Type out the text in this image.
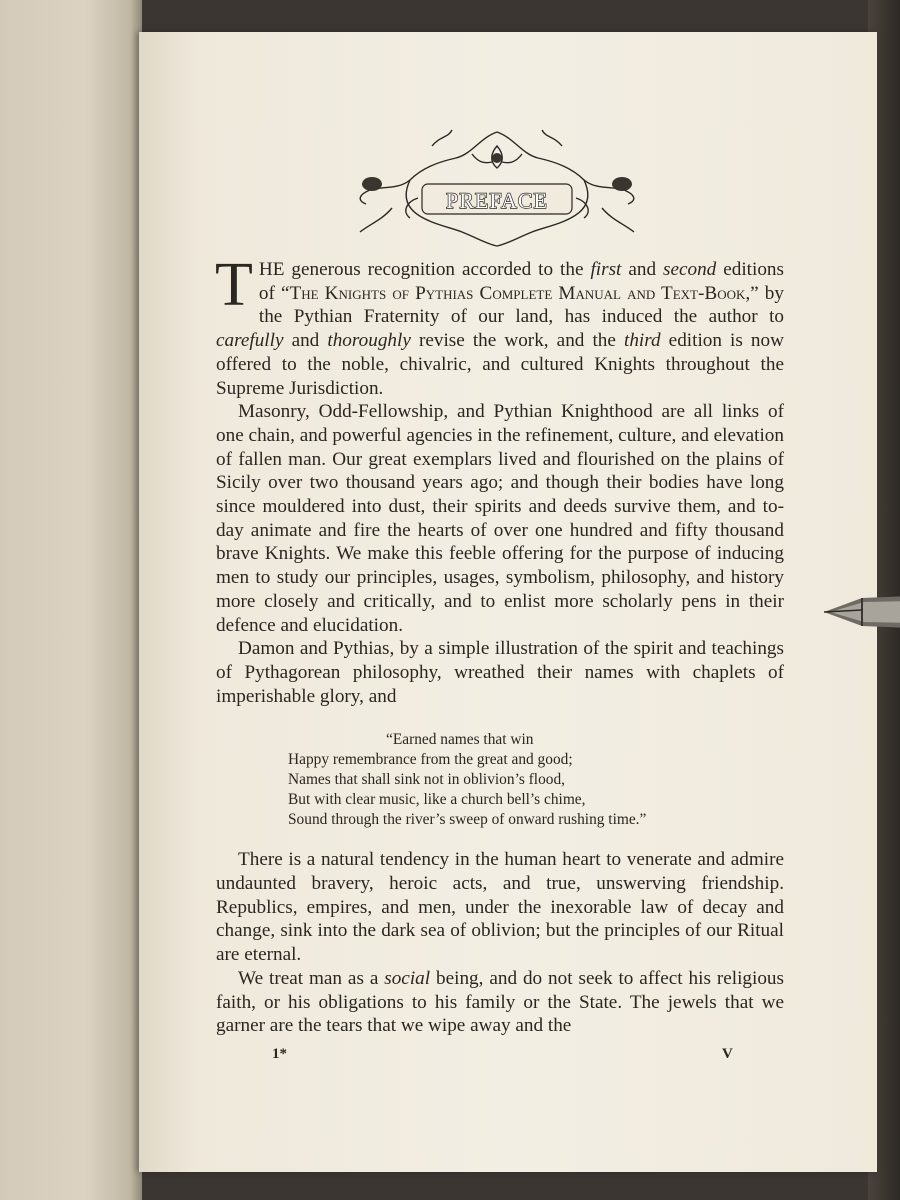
PREFACE

THE generous recognition accorded to the first and second editions of “The Knights of Pythias Complete Manual and Text-Book,” by the Pythian Fraternity of our land, has induced the author to carefully and thoroughly revise the work, and the third edition is now offered to the noble, chivalric, and cultured Knights throughout the Supreme Jurisdiction.

Masonry, Odd-Fellowship, and Pythian Knighthood are all links of one chain, and powerful agencies in the refinement, culture, and elevation of fallen man. Our great exemplars lived and flourished on the plains of Sicily over two thousand years ago; and though their bodies have long since mouldered into dust, their spirits and deeds survive them, and to-day animate and fire the hearts of over one hundred and fifty thousand brave Knights. We make this feeble offering for the purpose of inducing men to study our principles, usages, symbolism, philosophy, and history more closely and critically, and to enlist more scholarly pens in their defence and elucidation.

Damon and Pythias, by a simple illustration of the spirit and teachings of Pythagorean philosophy, wreathed their names with chaplets of imperishable glory, and

“Earned names that win
Happy remembrance from the great and good;
Names that shall sink not in oblivion’s flood,
But with clear music, like a church bell’s chime,
Sound through the river’s sweep of onward rushing time.”

There is a natural tendency in the human heart to venerate and admire undaunted bravery, heroic acts, and true, unswerving friendship. Republics, empires, and men, under the inexorable law of decay and change, sink into the dark sea of oblivion; but the principles of our Ritual are eternal.

We treat man as a social being, and do not seek to affect his religious faith, or his obligations to his family or the State. The jewels that we garner are the tears that we wipe away and the

1*	V
